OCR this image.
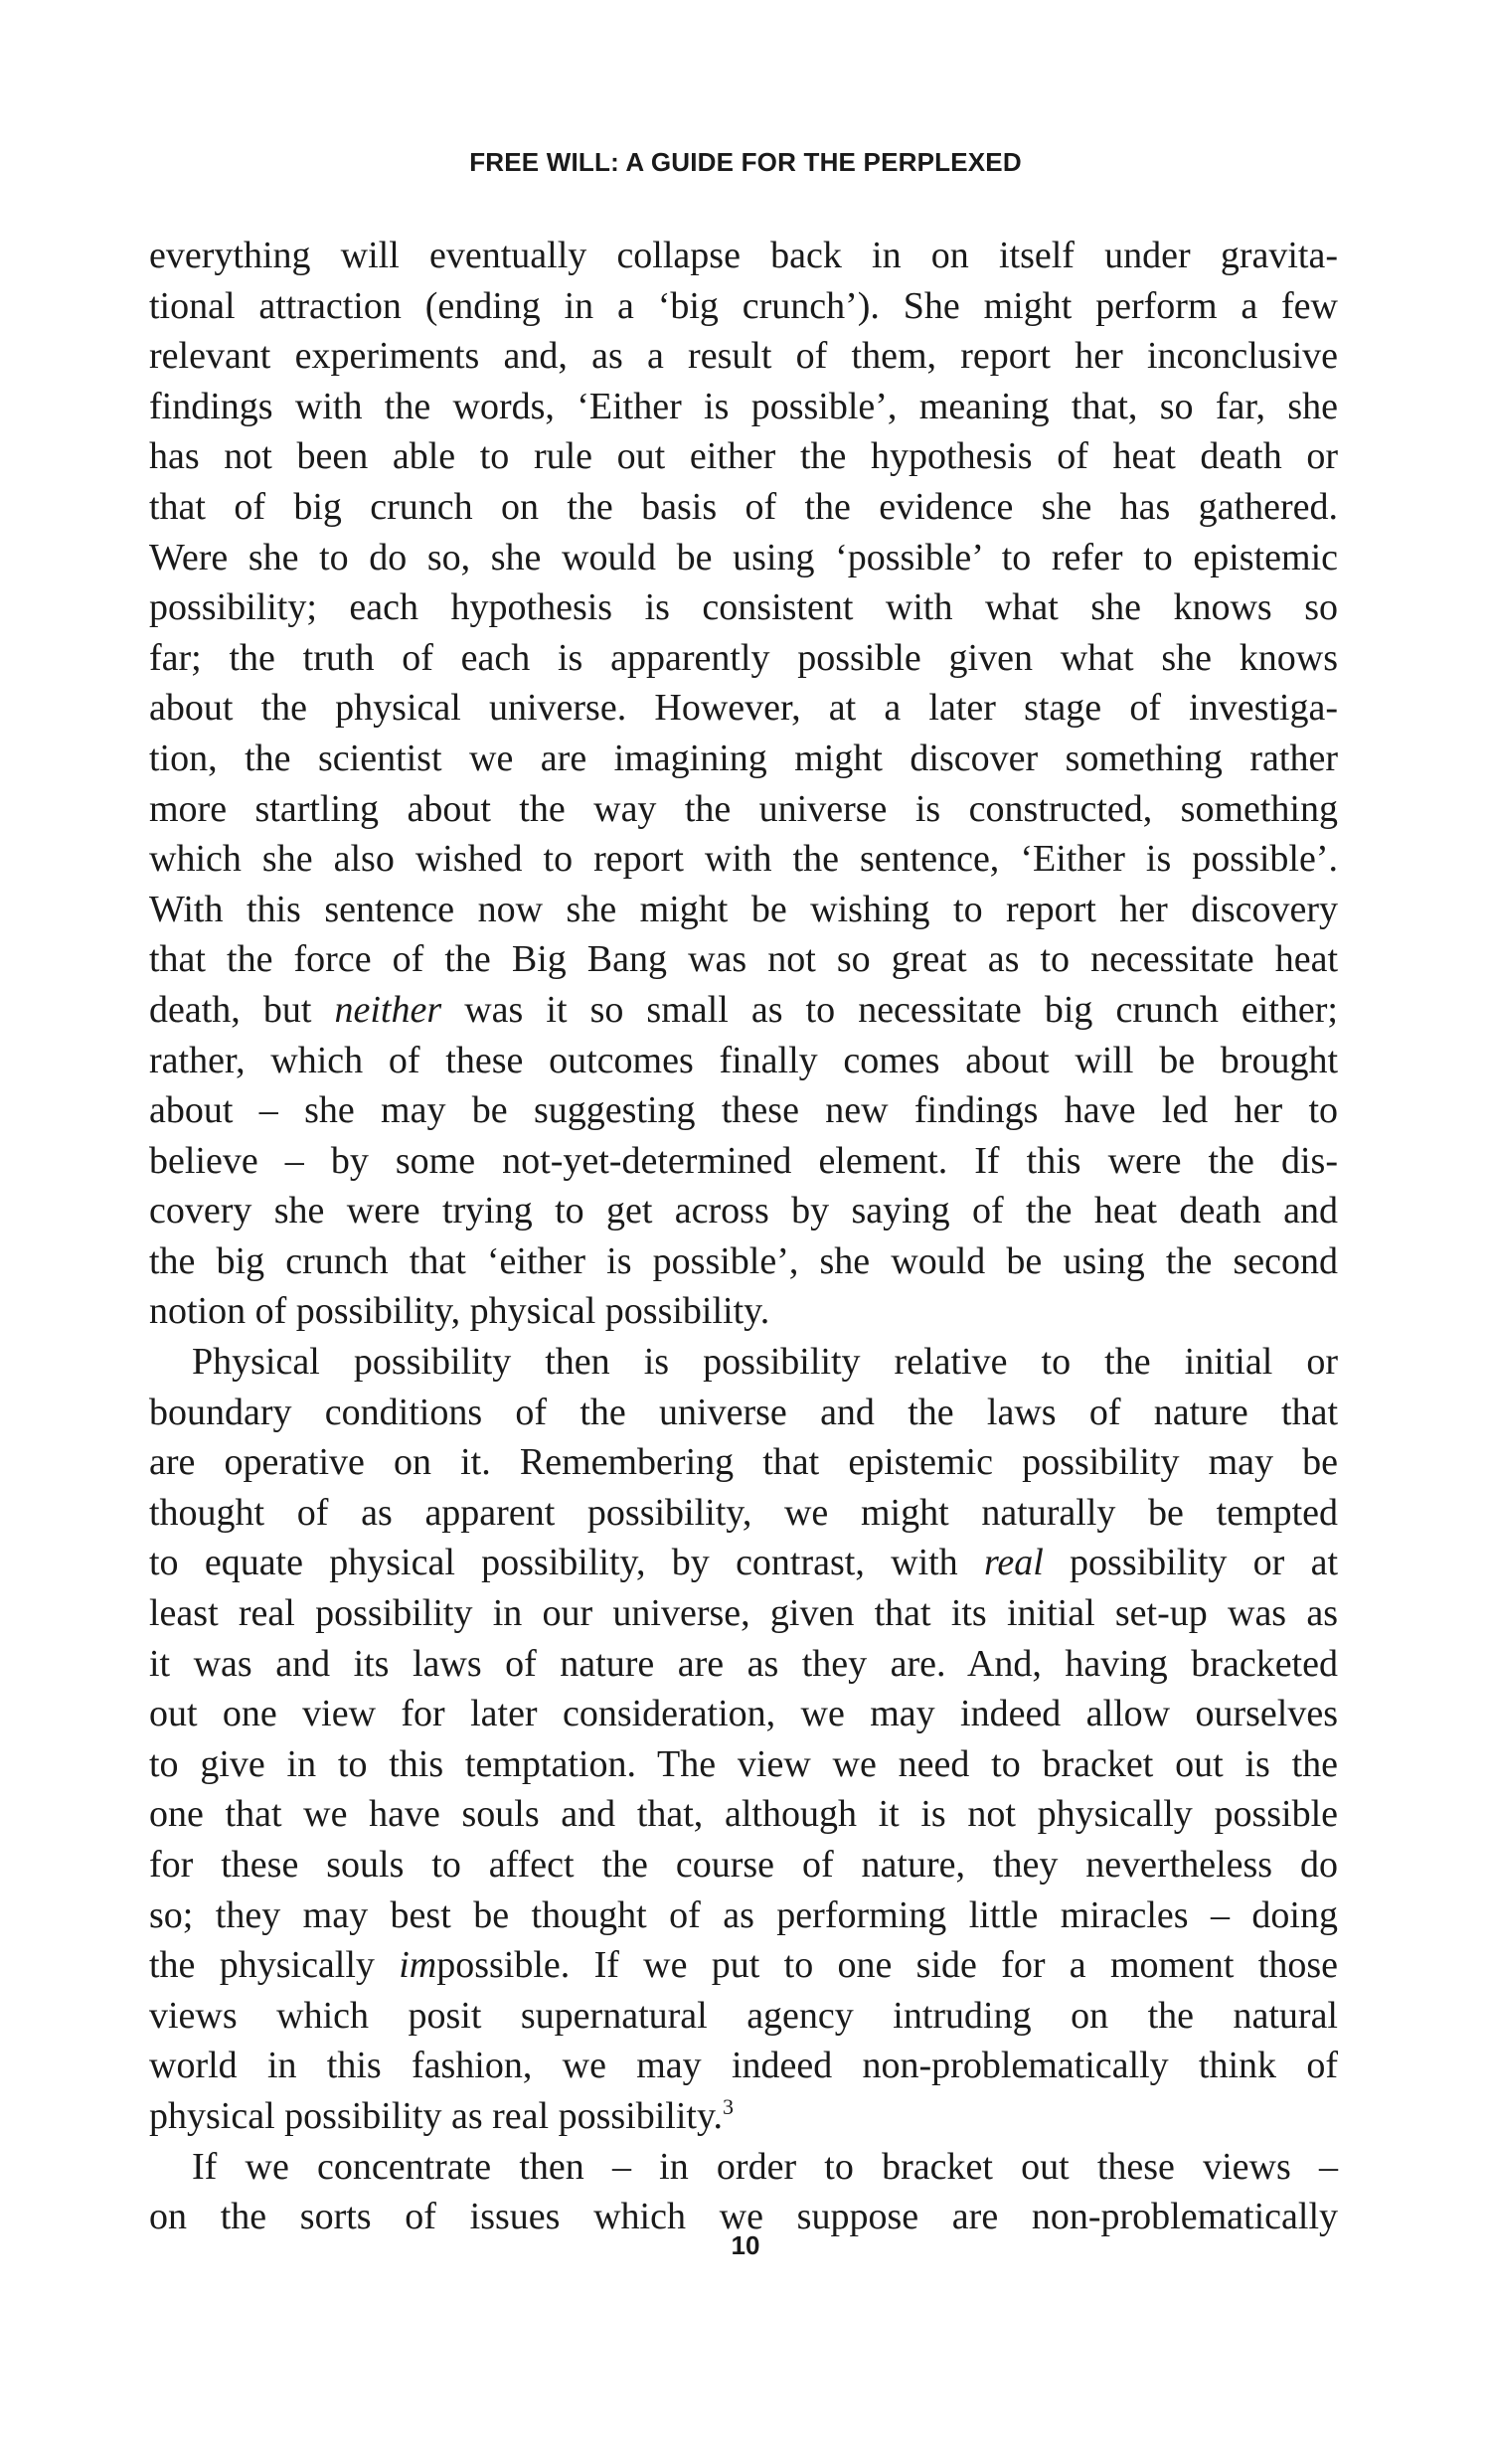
FREE WILL: A GUIDE FOR THE PERPLEXED
everything will eventually collapse back in on itself under gravita-
tional attraction (ending in a ‘big crunch’). She might perform a few
relevant experiments and, as a result of them, report her inconclusive
findings with the words, ‘Either is possible’, meaning that, so far, she
has not been able to rule out either the hypothesis of heat death or
that of big crunch on the basis of the evidence she has gathered.
Were she to do so, she would be using ‘possible’ to refer to epistemic
possibility; each hypothesis is consistent with what she knows so
far; the truth of each is apparently possible given what she knows
about the physical universe. However, at a later stage of investiga-
tion, the scientist we are imagining might discover something rather
more startling about the way the universe is constructed, something
which she also wished to report with the sentence, ‘Either is possible’.
With this sentence now she might be wishing to report her discovery
that the force of the Big Bang was not so great as to necessitate heat
death, but neither was it so small as to necessitate big crunch either;
rather, which of these outcomes finally comes about will be brought
about – she may be suggesting these new findings have led her to
believe – by some not-yet-determined element. If this were the dis-
covery she were trying to get across by saying of the heat death and
the big crunch that ‘either is possible’, she would be using the second
notion of possibility, physical possibility.
Physical possibility then is possibility relative to the initial or
boundary conditions of the universe and the laws of nature that
are operative on it. Remembering that epistemic possibility may be
thought of as apparent possibility, we might naturally be tempted
to equate physical possibility, by contrast, with real possibility or at
least real possibility in our universe, given that its initial set-up was as
it was and its laws of nature are as they are. And, having bracketed
out one view for later consideration, we may indeed allow ourselves
to give in to this temptation. The view we need to bracket out is the
one that we have souls and that, although it is not physically possible
for these souls to affect the course of nature, they nevertheless do
so; they may best be thought of as performing little miracles – doing
the physically impossible. If we put to one side for a moment those
views which posit supernatural agency intruding on the natural
world in this fashion, we may indeed non-problematically think of
physical possibility as real possibility.$^3$
If we concentrate then – in order to bracket out these views –
on the sorts of issues which we suppose are non-problematically
10
